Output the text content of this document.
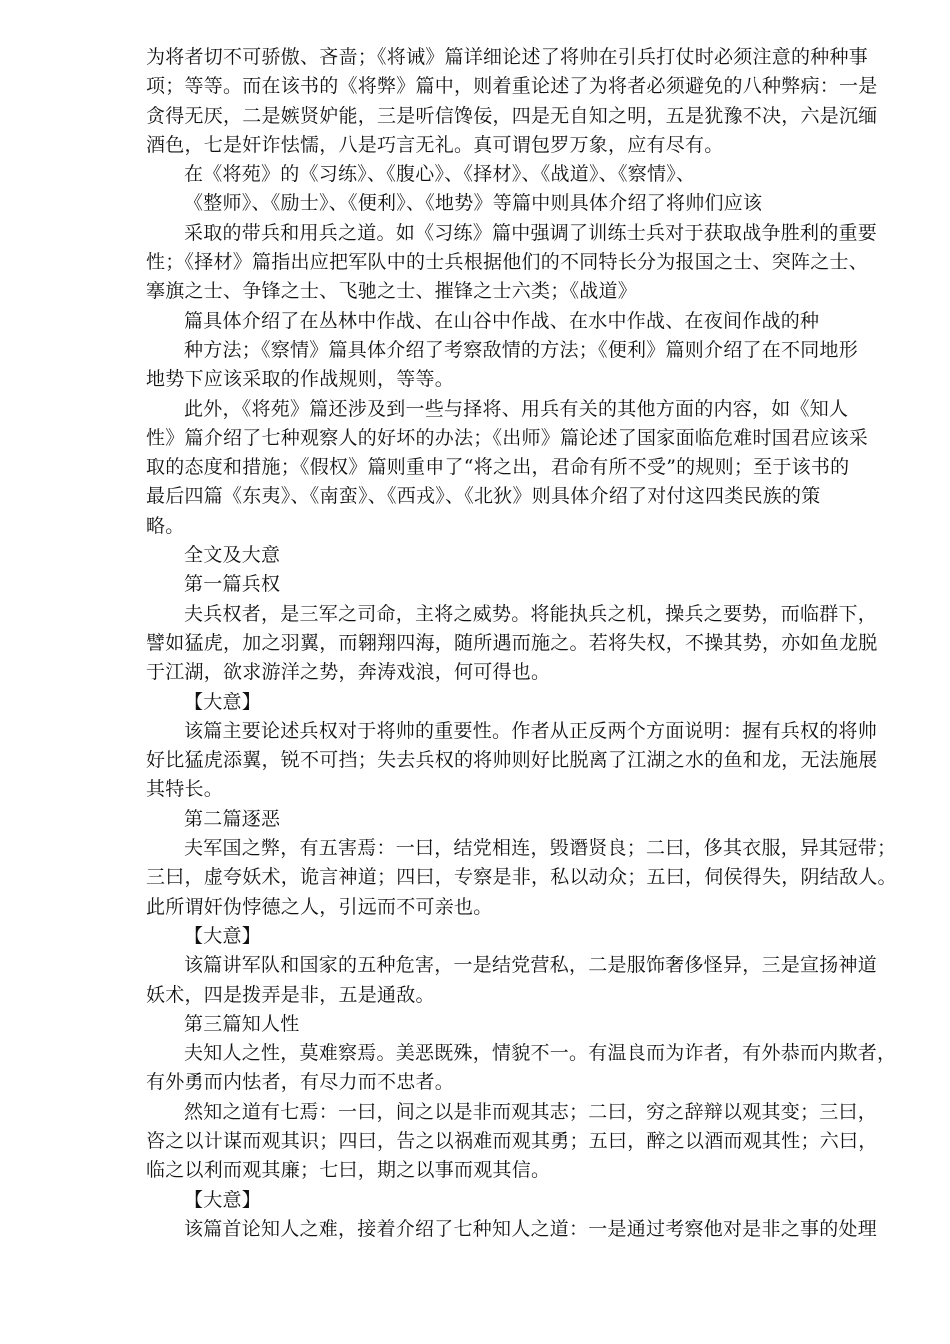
为将者切不可骄傲、吝啬；《将诫》篇详细论述了将帅在引兵打仗时必须注意的种种事
项；等等。而在该书的《将弊》篇中，则着重论述了为将者必须避免的八种弊病：一是
贪得无厌，二是嫉贤妒能，三是听信馋佞，四是无自知之明，五是犹豫不决，六是沉缅
酒色，七是奸诈怯懦，八是巧言无礼。真可谓包罗万象，应有尽有。
在《将苑》的《习练》、《腹心》、《择材》、《战道》、《察情》、
《整师》、《励士》、《便利》、《地势》等篇中则具体介绍了将帅们应该
采取的带兵和用兵之道。如《习练》篇中强调了训练士兵对于获取战争胜利的重要
性；《择材》篇指出应把军队中的士兵根据他们的不同特长分为报国之士、突阵之士、
搴旗之士、争锋之士、飞驰之士、摧锋之士六类；《战道》
篇具体介绍了在丛林中作战、在山谷中作战、在水中作战、在夜间作战的种
种方法；《察情》篇具体介绍了考察敌情的方法；《便利》篇则介绍了在不同地形
地势下应该采取的作战规则，等等。
此外，《将苑》篇还涉及到一些与择将、用兵有关的其他方面的内容，如《知人
性》篇介绍了七种观察人的好坏的办法；《出师》篇论述了国家面临危难时国君应该采
取的态度和措施；《假权》篇则重申了“将之出，君命有所不受”的规则；至于该书的
最后四篇《东夷》、《南蛮》、《西戎》、《北狄》则具体介绍了对付这四类民族的策
略。
全文及大意
第一篇兵权
夫兵权者，是三军之司命，主将之威势。将能执兵之机，操兵之要势，而临群下，
譬如猛虎，加之羽翼，而翱翔四海，随所遇而施之。若将失权，不操其势，亦如鱼龙脱
于江湖，欲求游洋之势，奔涛戏浪，何可得也。
【大意】
该篇主要论述兵权对于将帅的重要性。作者从正反两个方面说明：握有兵权的将帅
好比猛虎添翼，锐不可挡；失去兵权的将帅则好比脱离了江湖之水的鱼和龙，无法施展
其特长。
第二篇逐恶
夫军国之弊，有五害焉：一曰，结党相连，毁谮贤良；二曰，侈其衣服，异其冠带；
三曰，虚夸妖术，诡言神道；四曰，专察是非，私以动众；五曰，伺侯得失，阴结敌人。
此所谓奸伪悖德之人，引远而不可亲也。
【大意】
该篇讲军队和国家的五种危害，一是结党营私，二是服饰奢侈怪异，三是宣扬神道
妖术，四是拨弄是非，五是通敌。
第三篇知人性
夫知人之性，莫难察焉。美恶既殊，情貌不一。有温良而为诈者，有外恭而内欺者，
有外勇而内怯者，有尽力而不忠者。
然知之道有七焉：一曰，间之以是非而观其志；二曰，穷之辞辩以观其变；三曰，
咨之以计谋而观其识；四曰，告之以祸难而观其勇；五曰，醉之以酒而观其性；六曰，
临之以利而观其廉；七曰，期之以事而观其信。
【大意】
该篇首论知人之难，接着介绍了七种知人之道：一是通过考察他对是非之事的处理
